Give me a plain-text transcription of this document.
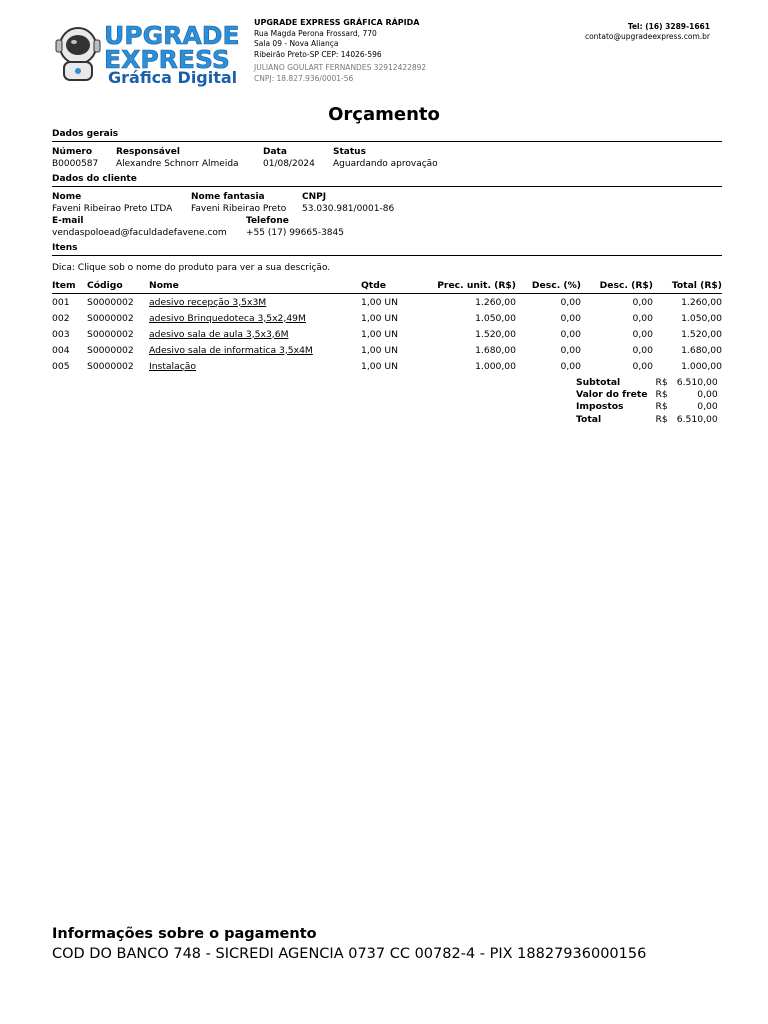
UPGRADE
EXPRESS
Gráfica Digital
UPGRADE EXPRESS GRÁFICA RÁPIDA
Rua Magda Perona Frossard, 770
Sala 09 - Nova Aliança
Ribeirão Preto-SP CEP: 14026-596
JULIANO GOULART FERNANDES 32912422892
CNPJ: 18.827.936/0001-56
Tel: (16) 3289-1661
contato@upgradeexpress.com.br
Orçamento
Dados gerais
Número
B0000587
Responsável
Alexandre Schnorr Almeida
Data
01/08/2024
Status
Aguardando aprovação
Dados do cliente
Nome
Faveni Ribeirao Preto LTDA
Nome fantasia
Faveni Ribeirao Preto
CNPJ
53.030.981/0001-86
E-mail
vendaspoloead@faculdadefavene.com
Telefone
+55 (17) 99665-3845
Itens
Dica: Clique sob o nome do produto para ver a sua descrição.
Item	Código	Nome	Qtde	Prec. unit. (R$)	Desc. (%)	Desc. (R$)	Total (R$)
001	S0000002	adesivo recepção 3,5x3M	1,00 UN	1.260,00	0,00	0,00	1.260,00
002	S0000002	adesivo Brinquedoteca 3,5x2,49M	1,00 UN	1.050,00	0,00	0,00	1.050,00
003	S0000002	adesivo sala de aula 3,5x3,6M	1,00 UN	1.520,00	0,00	0,00	1.520,00
004	S0000002	Adesivo sala de informatica 3,5x4M	1,00 UN	1.680,00	0,00	0,00	1.680,00
005	S0000002	Instalação	1,00 UN	1.000,00	0,00	0,00	1.000,00
Subtotal	R$	6.510,00
Valor do frete	R$	0,00
Impostos	R$	0,00
Total	R$	6.510,00
Informações sobre o pagamento
COD DO BANCO 748 - SICREDI AGENCIA 0737 CC 00782-4 - PIX 18827936000156
